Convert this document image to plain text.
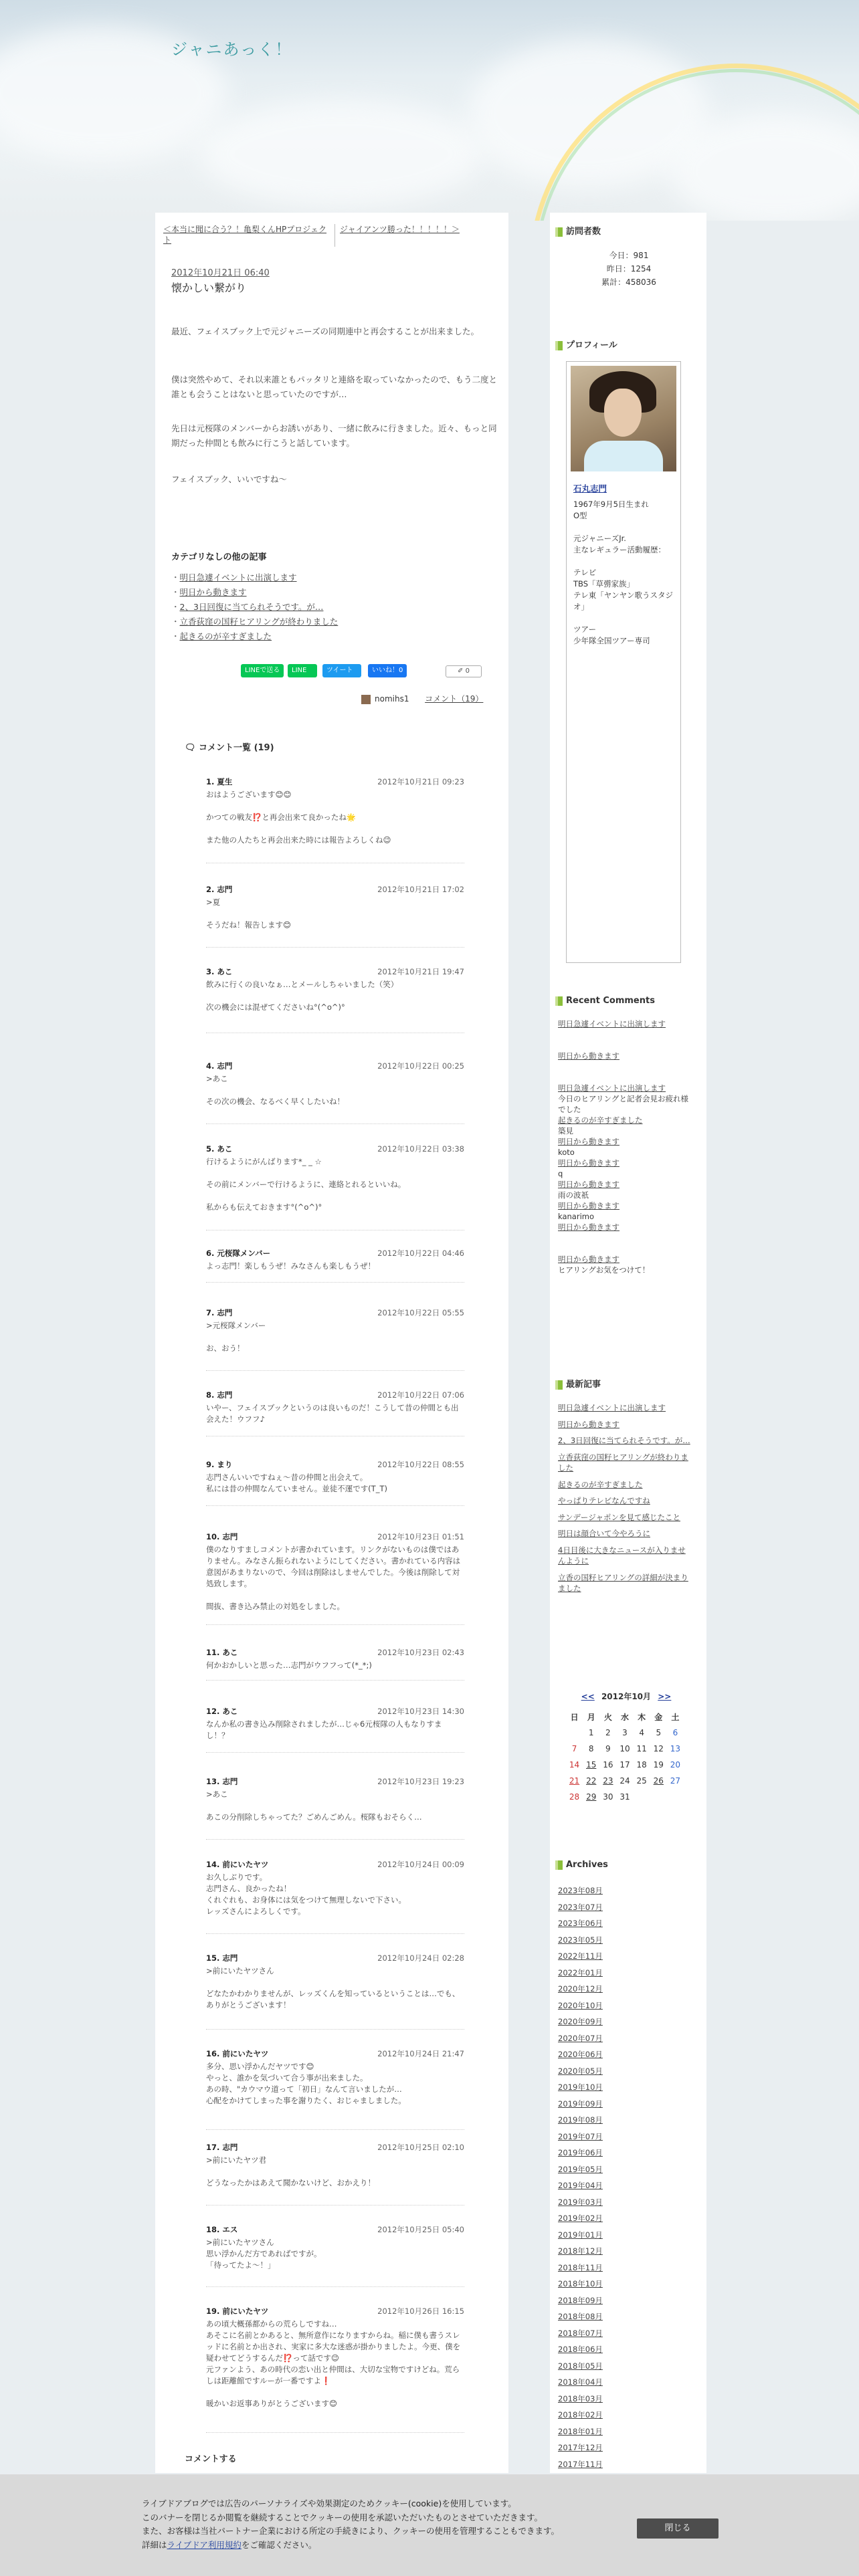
ジャニあっく！
＜本当に聞に合う？！亀梨くんHPプロジェクト
ジャイアンツ勝った！！！！！＞
2012年10月21日 06:40
懐かしい繋がり

最近、フェイスブック上で元ジャニーズの同期連中と再会することが出来ました。

僕は突然やめて、それ以来誰ともパッタリと連絡を取っていなかったので、もう二度と誰とも会うことはないと思っていたのですが…

先日は元桜隊のメンバーからお誘いがあり、一緒に飲みに行きました。近々、もっと同期だった仲間とも飲みに行こうと話しています。

フェイスブック、いいですね〜

カテゴリなしの他の記事
・ 明日急遽イベントに出演します
・ 明日から動きます
・ 2、3日回復に当てられそうです。が…
・ 立香荻窪の国籽ヒアリングが終わりました
・ 起きるのが辛すぎました
LINEで送る	LINE	ツイート	いいね！0	✐ 0
nomihs1 コメント（19）
🗨 コメント一覧 (19)
1. 夏生	2012年10月21日 09:23
おはようございます😊😊

かつての戦友⁉️と再会出来て良かったね🌟

また他の人たちと再会出来た時には報告よろしくね😉
2. 志門	2012年10月21日 17:02
>夏

そうだね！報告します😊
3. あこ	2012年10月21日 19:47
飲みに行くの良いなぁ…とメールしちゃいました（笑）

次の機会には混ぜてくださいね°(^o^)°
4. 志門	2012年10月22日 00:25
>あこ

その次の機会、なるべく早くしたいね！
5. あこ	2012年10月22日 03:38
行けるようにがんばります*_ _ ☆

その前にメンバーで行けるように、連絡とれるといいね。

私からも伝えておきます°(^o^)°
6. 元桜隊メンバー	2012年10月22日 04:46
よっ志門！楽しもうぜ！みなさんも楽しもうぜ！
7. 志門	2012年10月22日 05:55
>元桜隊メンバー

お、おう！
8. 志門	2012年10月22日 07:06
いやー、フェイスブックというのは良いものだ！こうして昔の仲間とも出会えた！ウフフ♪
9. まり	2012年10月22日 08:55
志門さんいいですねぇ〜昔の仲間と出会えて。
私には昔の仲間なんていません。並徒不運です(T_T)
10. 志門	2012年10月23日 01:51
僕のなりすましコメントが書かれています。リンクがないものは僕ではありません。みなさん振られないようにしてください。書かれている内容は意図があまりないので、今回は削除はしませんでした。今後は削除して対処致します。

間抜、書き込み禁止の対処をしました。
11. あこ	2012年10月23日 02:43
何かおかしいと思った…志門がウフフって(*_*;)
12. あこ	2012年10月23日 14:30
なんか私の書き込み削除されましたが…じゃ6元桜隊の人もなりすまし！？
13. 志門	2012年10月23日 19:23
>あこ

あこの分削除しちゃってた？ごめんごめん。桜隊もおそらく…
14. 前にいたヤツ	2012年10月24日 00:09
お久しぶりです。
志門さん、良かったね！
くれぐれも、お身体には気をつけて無理しないで下さい。
レッズさんによろしくです。
15. 志門	2012年10月24日 02:28
>前にいたヤツさん

どなたかわかりませんが、レッズくんを知っているということは…でも、ありがとうございます！
16. 前にいたヤツ	2012年10月24日 21:47
多分、思い浮かんだヤツです😊
やっと、誰かを気づいて合う事が出来ました。
あの時、"カウマウ道って「初日」なんて言いましたが…
心配をかけてしまった事を謝りたく、おじゃましました。
17. 志門	2012年10月25日 02:10
>前にいたヤツ君

どうなったかはあえて聞かないけど、おかえり！
18. エス	2012年10月25日 05:40
>前にいたヤツさん
思い浮かんだ方であればですが。
「待ってたよ〜！」
19. 前にいたヤツ	2012年10月26日 16:15
あの頃大概孫都からの荒らしですね…
あそこに名前とかあると、無所意作になりますからね。稲に僕も書うスレッドに名前とか出され、実家に多大な迷惑が掛かりましたよ。今更、僕を疑わせてどうするんだ⁉️って話です😉
元ファンよう、あの時代の恋い出と仲間は、大切な宝物ですけどね。荒らしは距離館ですルーが一番ですよ❗

暖かいお返事ありがとうございます😊
コメントする
訪問者数
今日：981
昨日：1254
累計：458036
プロフィール
石丸志門
1967年9月5日生まれ
O型

元ジャニーズJr.
主なレギュラー活動履歴：

テレビ
TBS「草彅家族」
テレ東「ヤンヤン歌うスタジオ」

ツアー
少年隊全国ツアー専司
Recent Comments
明日急遽イベントに出演します
明日から動きます
明日急遽イベントに出演します
今日のヒアリングと記者会見お疲れ様でした
起きるのが辛すぎました
築見
明日から動きます
koto
明日から動きます
q
明日から動きます
雨の波祇
明日から動きます
kanarimo
明日から動きます
明日から動きます
ヒアリングお気をつけて！
最新記事
明日急遽イベントに出演します
明日から動きます
2、3日回復に当てられそうです。が…
立香荻窪の国籽ヒアリングが終わりました
起きるのが辛すぎました
やっぱりテレビなんですね
サンデージャポンを見て感じたこと
明日は顔合いて今やろうに
4日目後に大きなニュースが入りませんように
立香の国籽ヒアリングの詳細が決まりました
<< 2012年10月 >>
日	月	火	水	木	金	土
	1	2	3	4	5	6
7	8	9	10	11	12	13
14	15	16	17	18	19	20
21	22	23	24	25	26	27
28	29	30	31			
Archives
2023年08月
2023年07月
2023年06月
2023年05月
2022年11月
2022年01月
2020年12月
2020年10月
2020年09月
2020年07月
2020年06月
2020年05月
2019年10月
2019年09月
2019年08月
2019年07月
2019年06月
2019年05月
2019年04月
2019年03月
2019年02月
2019年01月
2018年12月
2018年11月
2018年10月
2018年09月
2018年08月
2018年07月
2018年06月
2018年05月
2018年04月
2018年03月
2018年02月
2018年01月
2017年12月
2017年11月
ライブドアブログでは広告のパーソナライズや効果測定のためクッキー(cookie)を使用しています。
このバナーを閉じるか閲覧を継続することでクッキーの使用を承認いただいたものとさせていただきます。
また、お客様は当社パートナー企業における所定の手続きにより、クッキーの使用を管理することもできます。
詳細はライブドア利用規約をご確認ください。
閉じる
